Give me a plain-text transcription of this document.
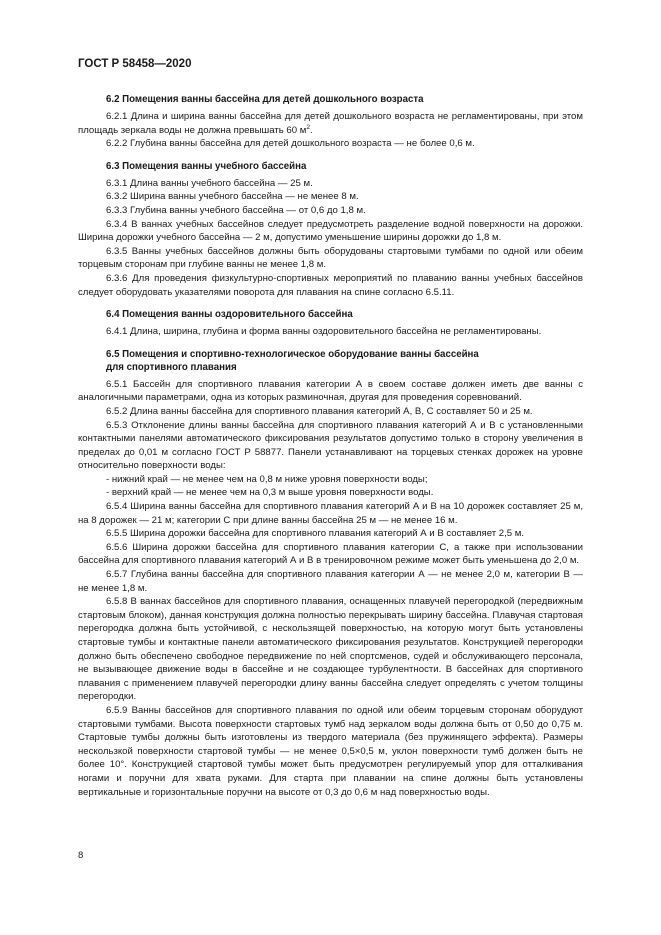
ГОСТ Р 58458—2020
6.2 Помещения ванны бассейна для детей дошкольного возраста

6.2.1 Длина и ширина ванны бассейна для детей дошкольного возраста не регламентированы, при этом площадь зеркала воды не должна превышать 60 $м^2$.

6.2.2 Глубина ванны бассейна для детей дошкольного возраста — не более 0,6 м.

6.3 Помещения ванны учебного бассейна

6.3.1 Длина ванны учебного бассейна — 25 м.

6.3.2 Ширина ванны учебного бассейна — не менее 8 м.

6.3.3 Глубина ванны учебного бассейна — от 0,6 до 1,8 м.

6.3.4 В ваннах учебных бассейнов следует предусмотреть разделение водной поверхности на дорожки. Ширина дорожки учебного бассейна — 2 м, допустимо уменьшение ширины дорожки до 1,8 м.

6.3.5 Ванны учебных бассейнов должны быть оборудованы стартовыми тумбами по одной или обеим торцевым сторонам при глубине ванны не менее 1,8 м.

6.3.6 Для проведения физкультурно-спортивных мероприятий по плаванию ванны учебных бассейнов следует оборудовать указателями поворота для плавания на спине согласно 6.5.11.

6.4 Помещения ванны оздоровительного бассейна

6.4.1 Длина, ширина, глубина и форма ванны оздоровительного бассейна не регламентированы.

6.5 Помещения и спортивно-технологическое оборудование ванны бассейна
для спортивного плавания

6.5.1 Бассейн для спортивного плавания категории А в своем составе должен иметь две ванны с аналогичными параметрами, одна из которых разминочная, другая для проведения соревнований.

6.5.2 Длина ванны бассейна для спортивного плавания категорий А, В, С составляет 50 и 25 м.

6.5.3 Отклонение длины ванны бассейна для спортивного плавания категорий А и В с установленными контактными панелями автоматического фиксирования результатов допустимо только в сторону увеличения в пределах до 0,01 м согласно ГОСТ Р 58877. Панели устанавливают на торцевых стенках дорожек на уровне относительно поверхности воды:

- нижний край — не менее чем на 0,8 м ниже уровня поверхности воды;

- верхний край — не менее чем на 0,3 м выше уровня поверхности воды.

6.5.4 Ширина ванны бассейна для спортивного плавания категорий А и В на 10 дорожек составляет 25 м, на 8 дорожек — 21 м; категории С при длине ванны бассейна 25 м — не менее 16 м.

6.5.5 Ширина дорожки бассейна для спортивного плавания категорий А и В составляет 2,5 м.

6.5.6 Ширина дорожки бассейна для спортивного плавания категории С, а также при использовании бассейна для спортивного плавания категорий А и В в тренировочном режиме может быть уменьшена до 2,0 м.

6.5.7 Глубина ванны бассейна для спортивного плавания категории А — не менее 2,0 м, категории В — не менее 1,8 м.

6.5.8 В ваннах бассейнов для спортивного плавания, оснащенных плавучей перегородкой (передвижным стартовым блоком), данная конструкция должна полностью перекрывать ширину бассейна. Плавучая стартовая перегородка должна быть устойчивой, с нескользящей поверхностью, на которую могут быть установлены стартовые тумбы и контактные панели автоматического фиксирования результатов. Конструкцией перегородки должно быть обеспечено свободное передвижение по ней спортсменов, судей и обслуживающего персонала, не вызывающее движение воды в бассейне и не создающее турбулентности. В бассейнах для спортивного плавания с применением плавучей перегородки длину ванны бассейна следует определять с учетом толщины перегородки.

6.5.9 Ванны бассейнов для спортивного плавания по одной или обеим торцевым сторонам оборудуют стартовыми тумбами. Высота поверхности стартовых тумб над зеркалом воды должна быть от 0,50 до 0,75 м. Стартовые тумбы должны быть изготовлены из твердого материала (без пружинящего эффекта). Размеры нескользкой поверхности стартовой тумбы — не менее 0,5×0,5 м, уклон поверхности тумб должен быть не более 10°. Конструкцией стартовой тумбы может быть предусмотрен регулируемый упор для отталкивания ногами и поручни для хвата руками. Для старта при плавании на спине должны быть установлены вертикальные и горизонтальные поручни на высоте от 0,3 до 0,6 м над поверхностью воды.

8
